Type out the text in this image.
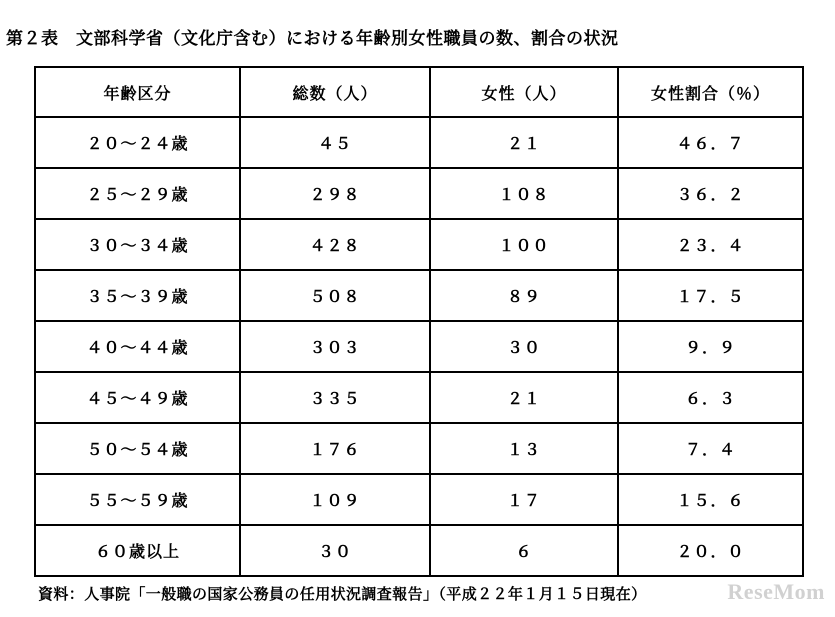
第２表　文部科学省（文化庁含む）における年齢別女性職員の数、割合の状況
年齢区分	総数（人）	女性（人）	女性割合（％）
２０～２４歳	４５	２１	４６．７
２５～２９歳	２９８	１０８	３６．２
３０～３４歳	４２８	１００	２３．４
３５～３９歳	５０８	８９	１７．５
４０～４４歳	３０３	３０	９．９
４５～４９歳	３３５	２１	６．３
５０～５４歳	１７６	１３	７．４
５５～５９歳	１０９	１７	１５．６
６０歳以上	３０	６	２０．０
資料：人事院「一般職の国家公務員の任用状況調査報告」（平成２２年１月１５日現在）	ReseMom
